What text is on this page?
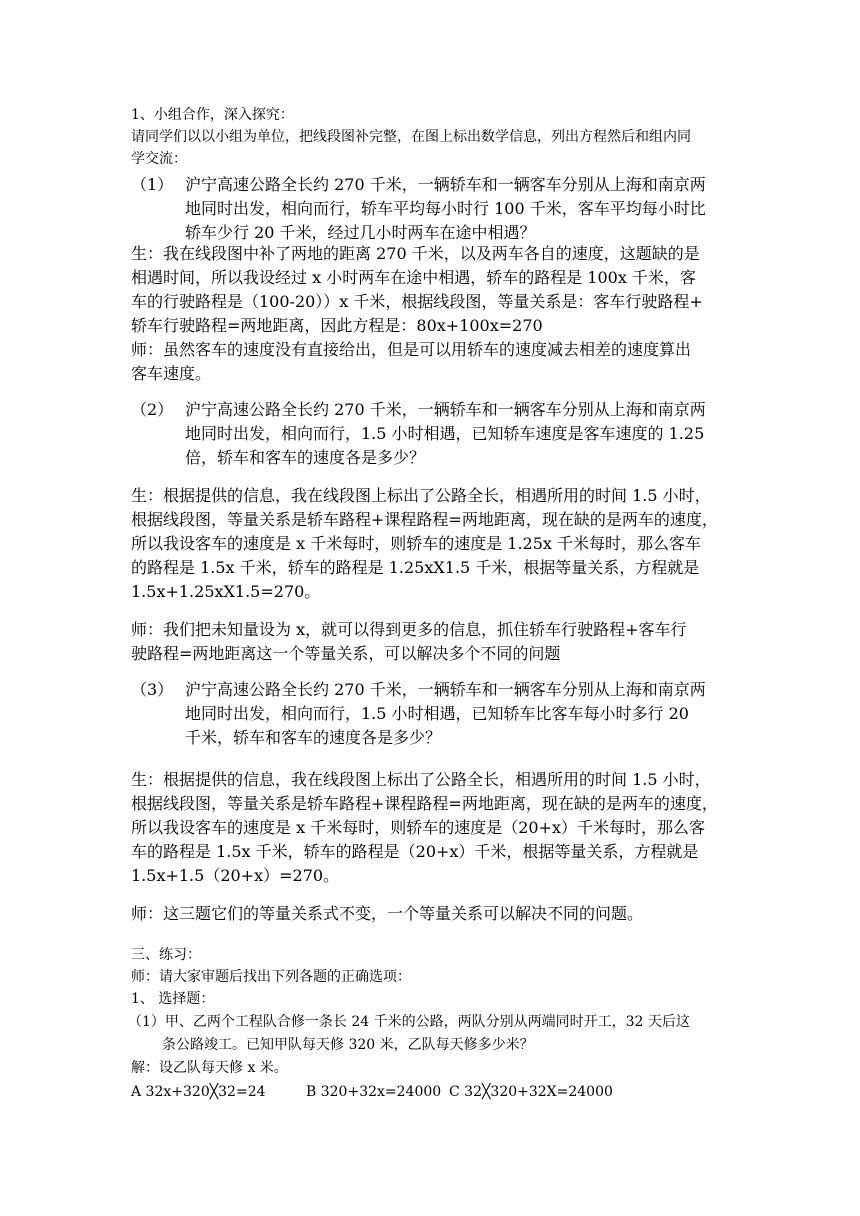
1、小组合作，深入探究：
请同学们以以小组为单位，把线段图补完整，在图上标出数学信息，列出方程然后和组内同
学交流：
（1） 沪宁高速公路全长约 270 千米，一辆轿车和一辆客车分别从上海和南京两
地同时出发，相向而行，轿车平均每小时行 100 千米，客车平均每小时比
轿车少行 20 千米，经过几小时两车在途中相遇？
生：我在线段图中补了两地的距离 270 千米，以及两车各自的速度，这题缺的是
相遇时间，所以我设经过 x 小时两车在途中相遇，轿车的路程是 100x 千米，客
车的行驶路程是（100-20））x 千米，根据线段图，等量关系是：客车行驶路程+
轿车行驶路程=两地距离，因此方程是：80x+100x=270
师：虽然客车的速度没有直接给出，但是可以用轿车的速度减去相差的速度算出
客车速度。
（2） 沪宁高速公路全长约 270 千米，一辆轿车和一辆客车分别从上海和南京两
地同时出发，相向而行，1.5 小时相遇，已知轿车速度是客车速度的 1.25
倍，轿车和客车的速度各是多少？
生：根据提供的信息，我在线段图上标出了公路全长，相遇所用的时间 1.5 小时，
根据线段图，等量关系是轿车路程+课程路程=两地距离，现在缺的是两车的速度，
所以我设客车的速度是 x 千米每时，则轿车的速度是 1.25x 千米每时，那么客车
的路程是 1.5x 千米，轿车的路程是 1.25xX1.5 千米，根据等量关系，方程就是
1.5x+1.25xX1.5=270。
师：我们把未知量设为 x，就可以得到更多的信息，抓住轿车行驶路程+客车行
驶路程=两地距离这一个等量关系，可以解决多个不同的问题
（3） 沪宁高速公路全长约 270 千米，一辆轿车和一辆客车分别从上海和南京两
地同时出发，相向而行，1.5 小时相遇，已知轿车比客车每小时多行 20
千米，轿车和客车的速度各是多少？
生：根据提供的信息，我在线段图上标出了公路全长，相遇所用的时间 1.5 小时，
根据线段图，等量关系是轿车路程+课程路程=两地距离，现在缺的是两车的速度，
所以我设客车的速度是 x 千米每时，则轿车的速度是（20+x）千米每时，那么客
车的路程是 1.5x 千米，轿车的路程是（20+x）千米，根据等量关系，方程就是
1.5x+1.5（20+x）=270。
师：这三题它们的等量关系式不变，一个等量关系可以解决不同的问题。
三、练习：
师：请大家审题后找出下列各题的正确选项：
1、 选择题：
（1）甲、乙两个工程队合修一条长 24 千米的公路，两队分别从两端同时开工，32 天后这
条公路竣工。已知甲队每天修 320 米，乙队每天修多少米？
解：设乙队每天修 x 米。
A 32x+320╳32=24	B 320+32x=24000 C 32╳320+32X=24000
